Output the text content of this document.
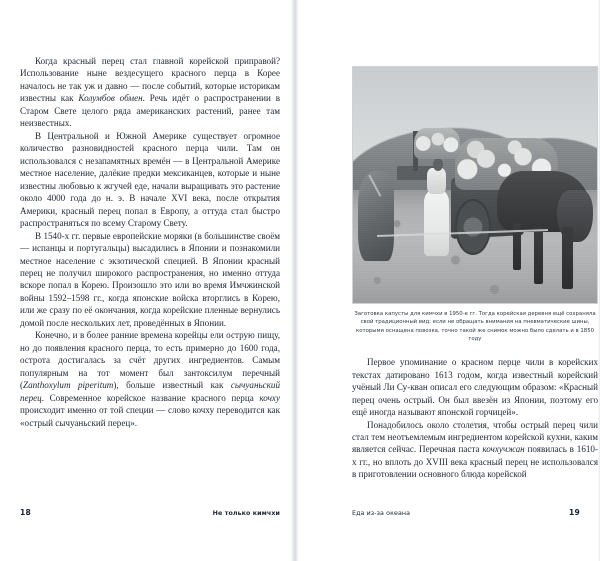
Когда красный перец стал главной корейской приправой? Использование ныне вездесущего красного перца в Корее началось не так уж и давно — после событий, которые историкам известны как Колумбов обмен. Речь идёт о распространении в Старом Свете целого ряда американских растений, ранее там неизвестных.

В Центральной и Южной Америке существует огромное количество разновидностей красного перца чили. Там он использовался с незапамятных времён — в Центральной Америке местное население, далёкие предки мексиканцев, которые и ныне известны любовью к жгучей еде, начали выращивать это растение около 4000 года до н. э. В начале XVI века, после открытия Америки, красный перец попал в Европу, а оттуда стал быстро распространяться по всему Старому Свету.

В 1540-х гг. первые европейские моряки (в большинстве своём — испанцы и португальцы) высадились в Японии и познакомили местное население с экзотической специей. В Японии красный перец не получил широкого распространения, но именно оттуда вскоре попал в Корею. Произошло это или во время Имчжинской войны 1592–1598 гг., когда японские войска вторглись в Корею, или же сразу по её окончания, когда корейские пленные вернулись домой после нескольких лет, проведённых в Японии.

Конечно, и в более ранние времена корейцы ели острую пищу, но до появления красного перца, то есть примерно до 1600 года, острота достигалась за счёт других ингредиентов. Самым популярным на тот момент был зантоксилум перечный (Zanthoxylum piperitum), больше известный как сычуаньский перец. Современное корейское название красного перца кочху происходит именно от той специи — слово кочху переводится как «острый сычуаньский перец».

18	Не только кимчхи
Заготовка капусты для кимчхи в 1950-е гг. Тогда корейская деревня ещё сохраняла свой традиционный вид: если не обращать внимания на пневматические шины, которыми оснащена повозка, точно такой же снимок можно было сделать и в 1850 году

Первое упоминание о красном перце чили в корейских текстах датировано 1613 годом, когда известный корейский учёный Ли Су-кван описал его следующим образом: «Красный перец очень острый. Он был ввезён из Японии, поэтому его ещё иногда называют японской горчицей».

Понадобилось около столетия, чтобы острый перец чили стал тем неотъемлемым ингредиентом корейской кухни, каким является сейчас. Перечная паста кочхучжан появилась в 1610-х гг., но вплоть до XVIII века красный перец не использовался в приготовлении основного блюда корейской

Еда из-за океана	19
